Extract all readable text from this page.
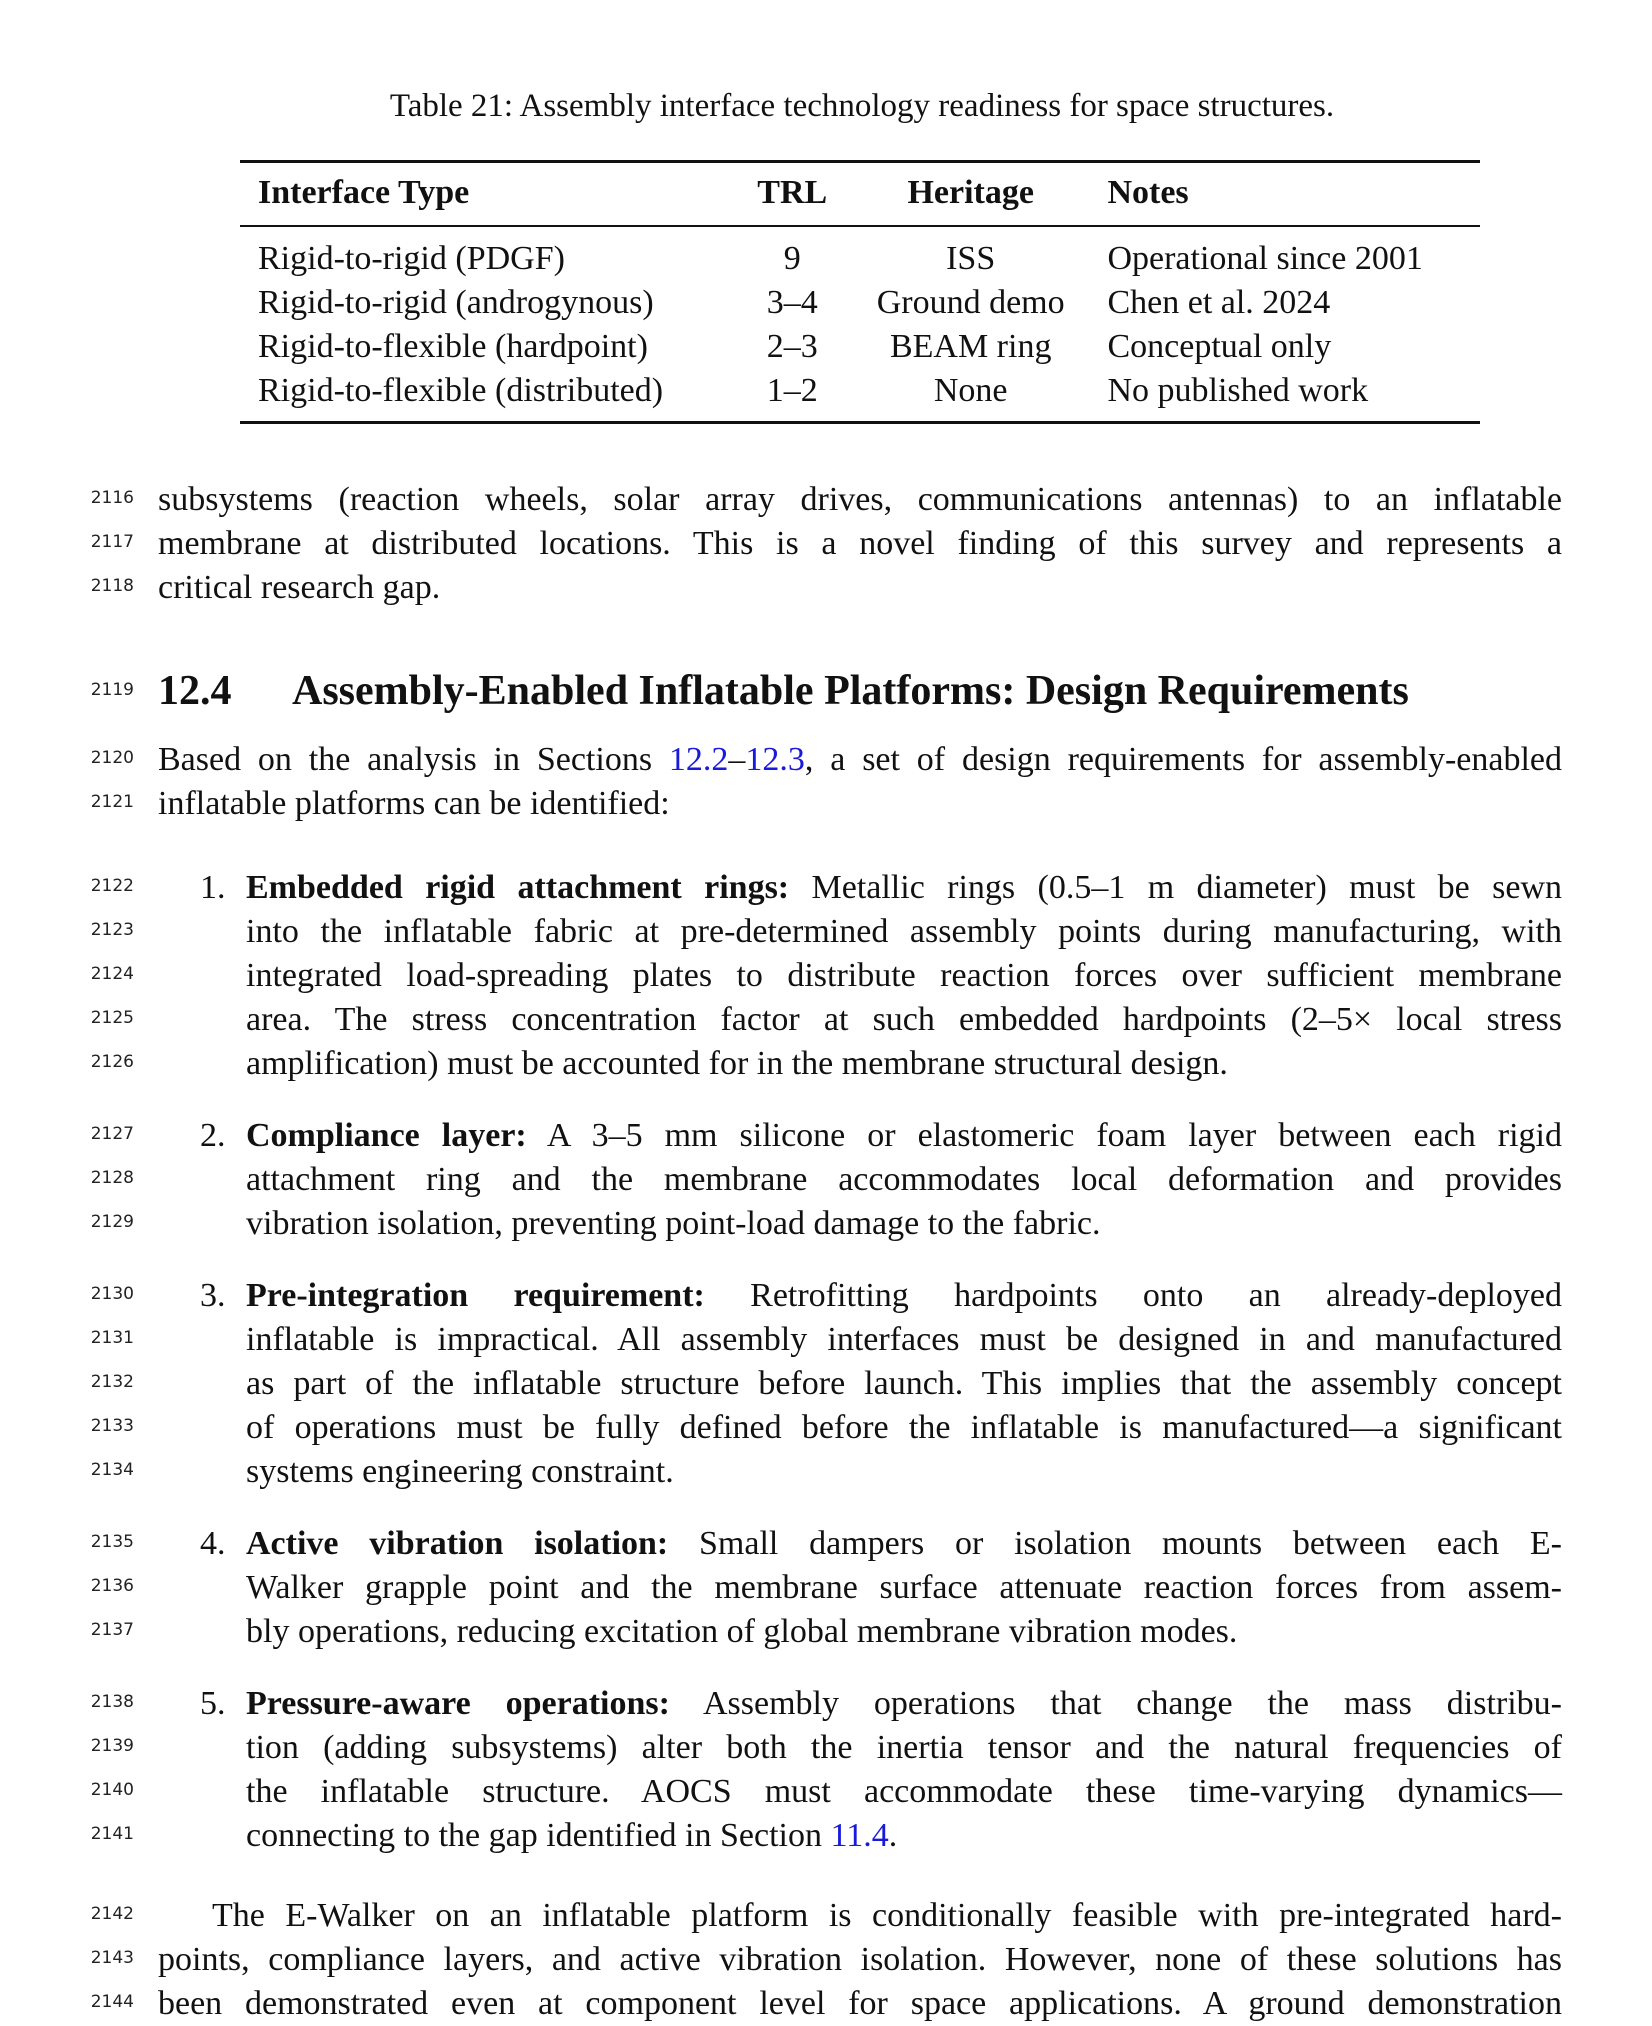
Table 21: Assembly interface technology readiness for space structures.
Interface Type	TRL	Heritage	Notes
Rigid-to-rigid (PDGF)	9	ISS	Operational since 2001
Rigid-to-rigid (androgynous)	3–4	Ground demo	Chen et al. 2024
Rigid-to-flexible (hardpoint)	2–3	BEAM ring	Conceptual only
Rigid-to-flexible (distributed)	1–2	None	No published work
2116
2117
2118
2119
2120
2121
2122
2123
2124
2125
2126
2127
2128
2129
2130
2131
2132
2133
2134
2135
2136
2137
2138
2139
2140
2141
2142
2143
2144
subsystems (reaction wheels, solar array drives, communications antennas) to an inflatable
membrane at distributed locations. This is a novel finding of this survey and represents a
critical research gap.
12.4 Assembly-Enabled Inflatable Platforms: Design Requirements
Based on the analysis in Sections 12.2–12.3, a set of design requirements for assembly-enabled
inflatable platforms can be identified:
1. Embedded rigid attachment rings: Metallic rings (0.5–1 m diameter) must be sewn
into the inflatable fabric at pre-determined assembly points during manufacturing, with
integrated load-spreading plates to distribute reaction forces over sufficient membrane
area. The stress concentration factor at such embedded hardpoints (2–5× local stress
amplification) must be accounted for in the membrane structural design.
2. Compliance layer: A 3–5 mm silicone or elastomeric foam layer between each rigid
attachment ring and the membrane accommodates local deformation and provides
vibration isolation, preventing point-load damage to the fabric.
3. Pre-integration requirement: Retrofitting hardpoints onto an already-deployed
inflatable is impractical. All assembly interfaces must be designed in and manufactured
as part of the inflatable structure before launch. This implies that the assembly concept
of operations must be fully defined before the inflatable is manufactured—a significant
systems engineering constraint.
4. Active vibration isolation: Small dampers or isolation mounts between each E-
Walker grapple point and the membrane surface attenuate reaction forces from assem-
bly operations, reducing excitation of global membrane vibration modes.
5. Pressure-aware operations: Assembly operations that change the mass distribu-
tion (adding subsystems) alter both the inertia tensor and the natural frequencies of
the inflatable structure. AOCS must accommodate these time-varying dynamics—
connecting to the gap identified in Section 11.4.
The E-Walker on an inflatable platform is conditionally feasible with pre-integrated hard-
points, compliance layers, and active vibration isolation. However, none of these solutions has
been demonstrated even at component level for space applications. A ground demonstration
